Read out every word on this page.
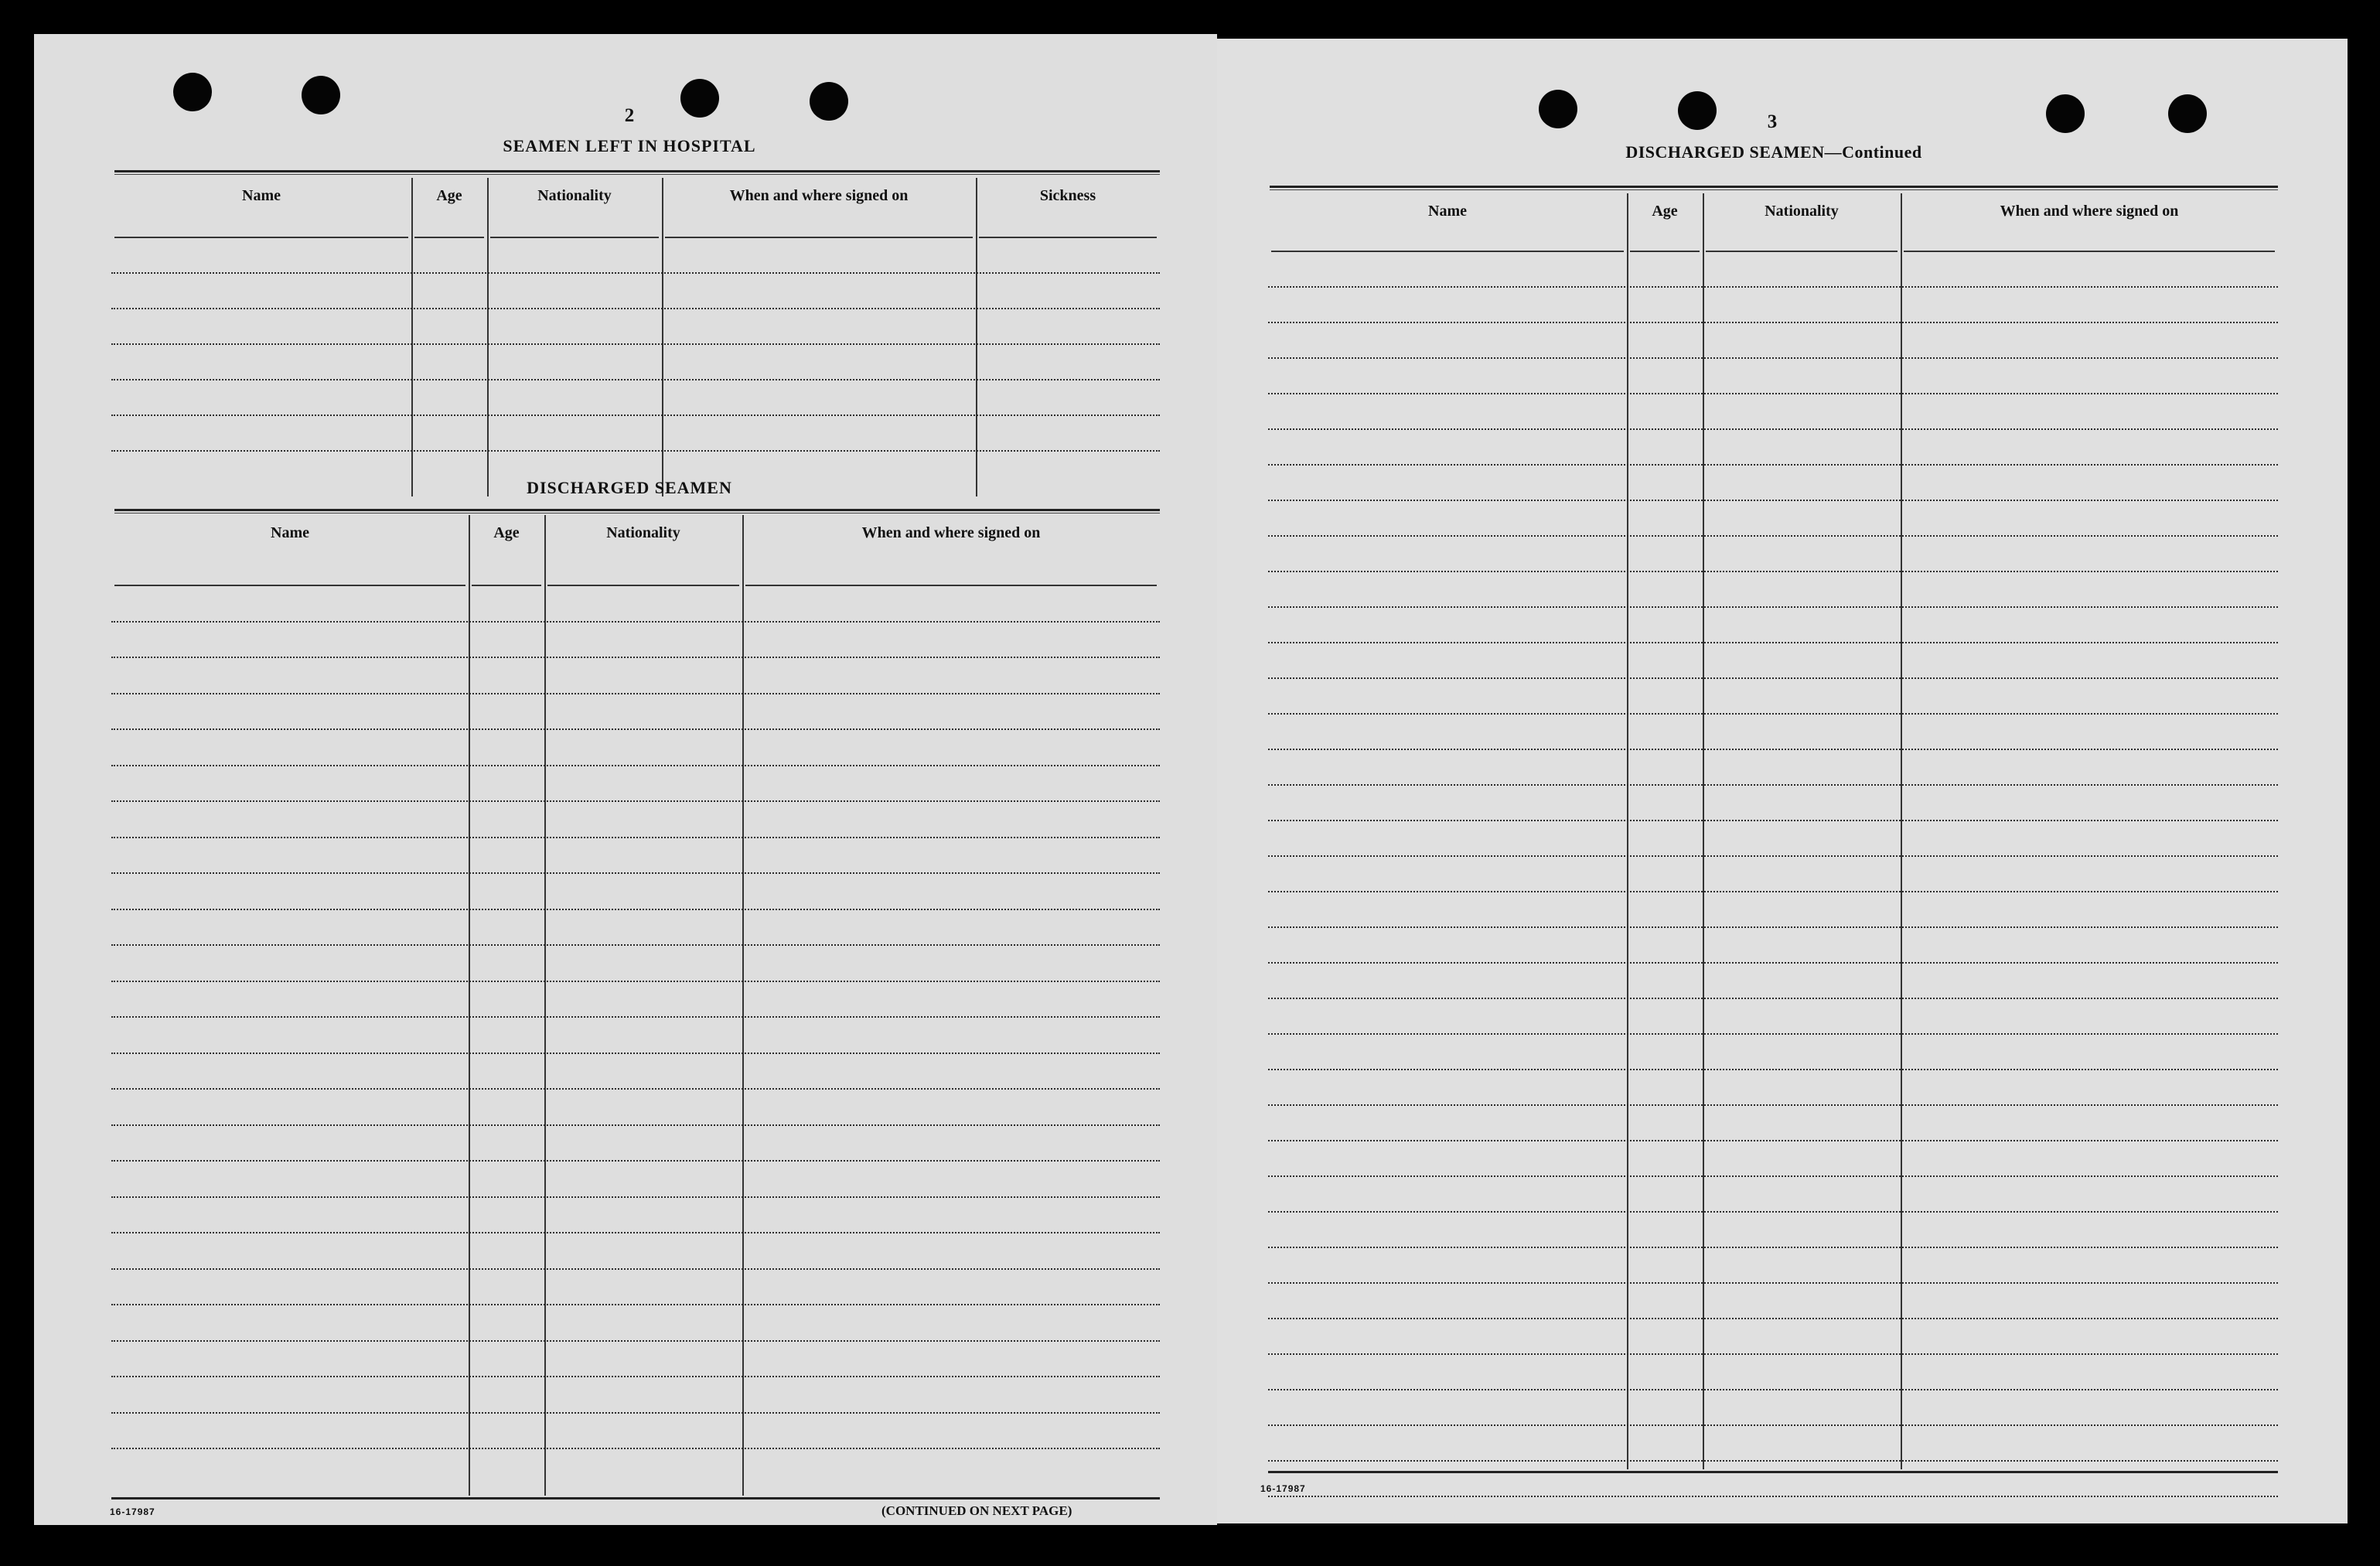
2
SEAMEN LEFT IN HOSPITAL
Name	Age	Nationality	When and where signed on	Sickness
DISCHARGED SEAMEN
Name	Age	Nationality	When and where signed on
16-17987	(CONTINUED ON NEXT PAGE)
3
DISCHARGED SEAMEN—Continued
Name	Age	Nationality	When and where signed on
16-17987
